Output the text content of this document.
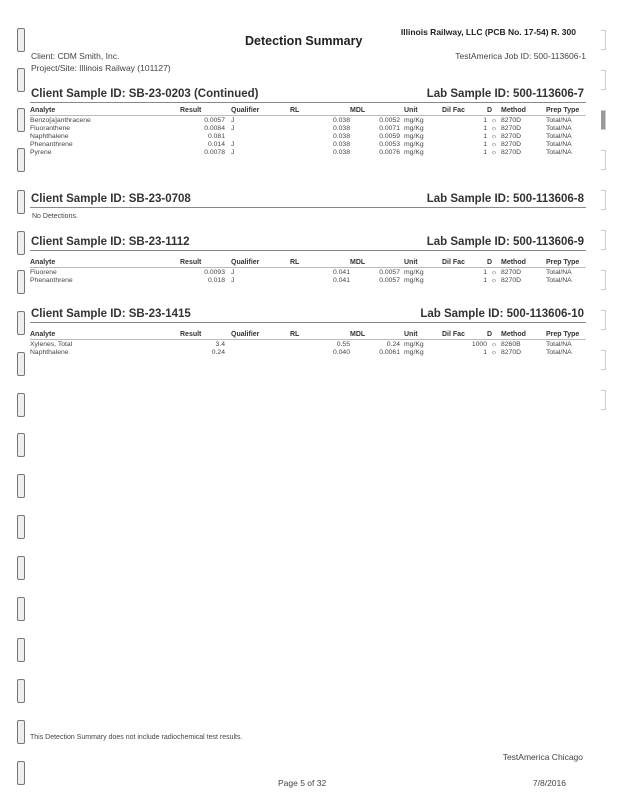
Illinois Railway, LLC (PCB No. 17-54) R. 300
Detection Summary
Client: CDM Smith, Inc.
Project/Site: Illinois Railway (101127)
TestAmerica Job ID: 500-113606-1
Client Sample ID: SB-23-0203 (Continued)	Lab Sample ID: 500-113606-7
Analyte	Result	Qualifier	RL	MDL	Unit	Dil Fac	D	Method	Prep Type
Benzo[a]anthracene	0.0057	J	0.038	0.0052	mg/Kg	1	☼	8270D	Total/NA
Fluoranthene	0.0084	J	0.038	0.0071	mg/Kg	1	☼	8270D	Total/NA
Naphthalene	0.081		0.038	0.0059	mg/Kg	1	☼	8270D	Total/NA
Phenanthrene	0.014	J	0.038	0.0053	mg/Kg	1	☼	8270D	Total/NA
Pyrene	0.0078	J	0.038	0.0076	mg/Kg	1	☼	8270D	Total/NA
Client Sample ID: SB-23-0708	Lab Sample ID: 500-113606-8
No Detections.
Client Sample ID: SB-23-1112	Lab Sample ID: 500-113606-9
Analyte	Result	Qualifier	RL	MDL	Unit	Dil Fac	D	Method	Prep Type
Fluorene	0.0093	J	0.041	0.0057	mg/Kg	1	☼	8270D	Total/NA
Phenanthrene	0.018	J	0.041	0.0057	mg/Kg	1	☼	8270D	Total/NA
Client Sample ID: SB-23-1415	Lab Sample ID: 500-113606-10
Analyte	Result	Qualifier	RL	MDL	Unit	Dil Fac	D	Method	Prep Type
Xylenes, Total	3.4		0.55	0.24	mg/Kg	1000	☼	8260B	Total/NA
Naphthalene	0.24		0.040	0.0061	mg/Kg	1	☼	8270D	Total/NA
This Detection Summary does not include radiochemical test results.
TestAmerica Chicago
Page 5 of 32	7/8/2016
